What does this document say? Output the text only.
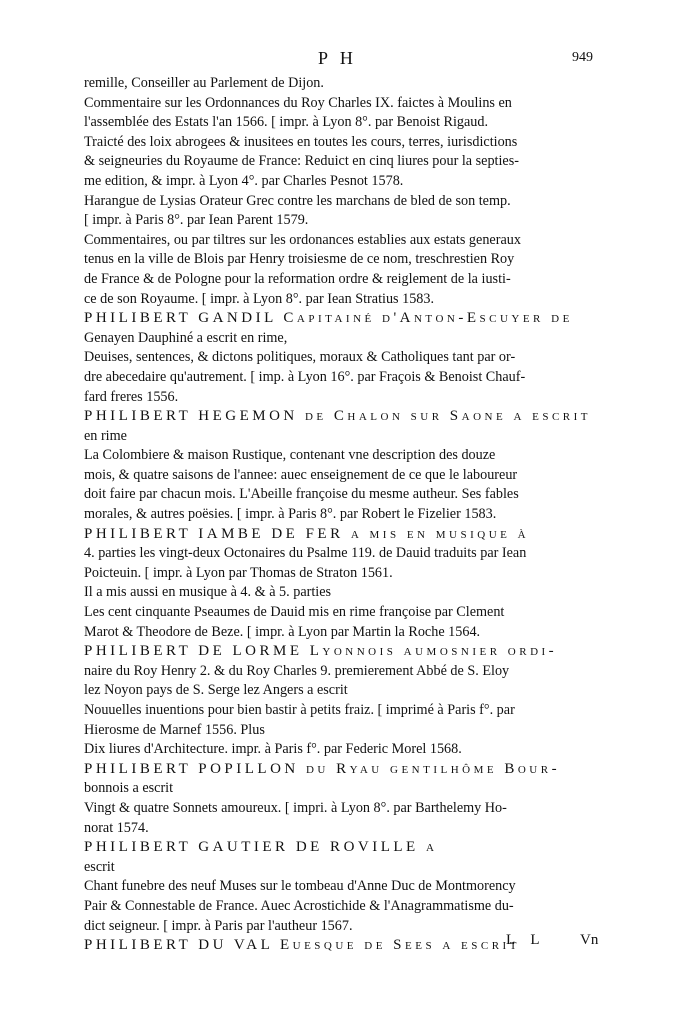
P H	949
remille, Conseiller au Parlement de Dijon.
Commentaire sur les Ordonnances du Roy Charles IX. faictes à Moulins en
l'assemblée des Estats l'an 1566. [ impr. à Lyon 8°. par Benoist Rigaud.
Traicté des loix abrogees & inusitees en toutes les cours, terres, iurisdictions
& seigneuries du Royaume de France: Reduict en cinq liures pour la septies-
me edition, & impr. à Lyon 4°. par Charles Pesnot 1578.
Harangue de Lysias Orateur Grec contre les marchans de bled de son temp.
[ impr. à Paris 8°. par Iean Parent 1579.
Commentaires, ou par tiltres sur les ordonances establies aux estats generaux
tenus en la ville de Blois par Henry troisiesme de ce nom, treschrestien Roy
de France & de Pologne pour la reformation ordre & reiglement de la iusti-
ce de son Royaume. [ impr. à Lyon 8°. par Iean Stratius 1583.
PHILIBERT GANDIL Capitainé d'Anton-Escuyer de
Genayen Dauphiné a escrit en rime,
Deuises, sentences, & dictons politiques, moraux & Catholiques tant par or-
dre abecedaire qu'autrement. [ imp. à Lyon 16°. par Fraçois & Benoist Chauf-
fard freres 1556.
PHILIBERT HEGEMON de Chalon sur Saone a escrit
en rime
La Colombiere & maison Rustique, contenant vne description des douze
mois, & quatre saisons de l'annee: auec enseignement de ce que le laboureur
doit faire par chacun mois. L'Abeille françoise du mesme autheur. Ses fables
morales, & autres poësies. [ impr. à Paris 8°. par Robert le Fizelier 1583.
PHILIBERT IAMBE DE FER a mis en musique à
4. parties les vingt-deux Octonaires du Psalme 119. de Dauid traduits par Iean
Poicteuin. [ impr. à Lyon par Thomas de Straton 1561.
Il a mis aussi en musique à 4. & à 5. parties
Les cent cinquante Pseaumes de Dauid mis en rime françoise par Clement
Marot & Theodore de Beze. [ impr. à Lyon par Martin la Roche 1564.
PHILIBERT DE LORME Lyonnois aumosnier ordi-
naire du Roy Henry 2. & du Roy Charles 9. premierement Abbé de S. Eloy
lez Noyon pays de S. Serge lez Angers a escrit
Nouuelles inuentions pour bien bastir à petits fraiz. [ imprimé à Paris f°. par
Hierosme de Marnef 1556. Plus
Dix liures d'Architecture. impr. à Paris f°. par Federic Morel 1568.
PHILIBERT POPILLON du Ryau gentilhôme Bour-
bonnois a escrit
Vingt & quatre Sonnets amoureux. [ impri. à Lyon 8°. par Barthelemy Ho-
norat 1574.
PHILIBERT GAUTIER DE ROVILLE a
escrit
Chant funebre des neuf Muses sur le tombeau d'Anne Duc de Montmorency
Pair & Connestable de France. Auec Acrostichide & l'Anagrammatisme du-
dict seigneur. [ impr. à Paris par l'autheur 1567.
PHILIBERT DU VAL Euesque de Sees a escrit
L L Vn
